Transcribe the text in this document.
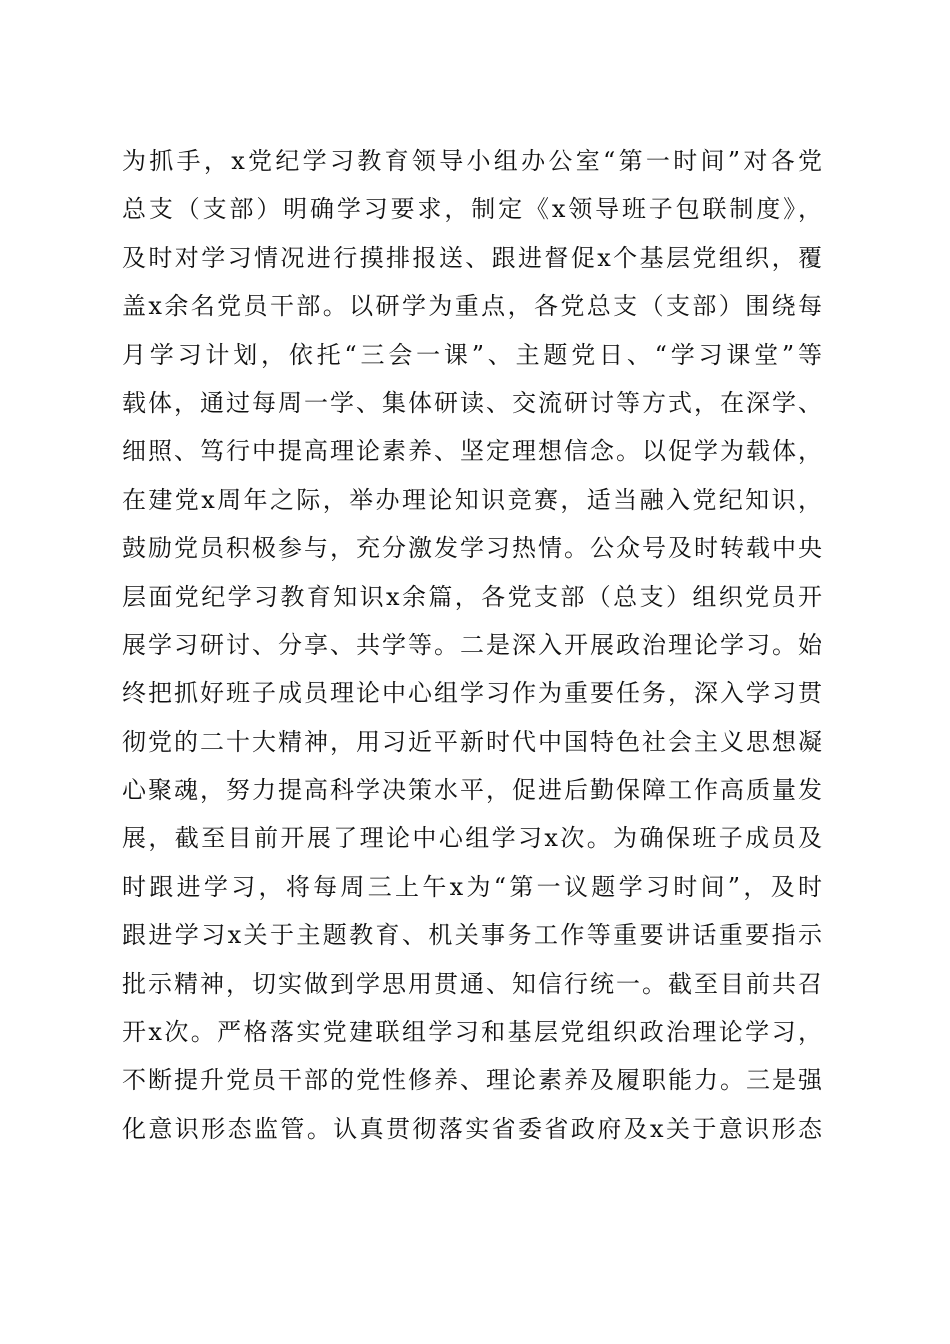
为抓手，x党纪学习教育领导小组办公室“第一时间”对各党
总支（支部）明确学习要求，制定《x领导班子包联制度》，
及时对学习情况进行摸排报送、跟进督促x个基层党组织，覆
盖x余名党员干部。以研学为重点，各党总支（支部）围绕每
月学习计划，依托“三会一课”、主题党日、“学习课堂”等
载体，通过每周一学、集体研读、交流研讨等方式，在深学、
细照、笃行中提高理论素养、坚定理想信念。以促学为载体，
在建党x周年之际，举办理论知识竞赛，适当融入党纪知识，
鼓励党员积极参与，充分激发学习热情。公众号及时转载中央
层面党纪学习教育知识x余篇，各党支部（总支）组织党员开
展学习研讨、分享、共学等。二是深入开展政治理论学习。始
终把抓好班子成员理论中心组学习作为重要任务，深入学习贯
彻党的二十大精神，用习近平新时代中国特色社会主义思想凝
心聚魂，努力提高科学决策水平，促进后勤保障工作高质量发
展，截至目前开展了理论中心组学习x次。为确保班子成员及
时跟进学习，将每周三上午x为“第一议题学习时间”，及时
跟进学习x关于主题教育、机关事务工作等重要讲话重要指示
批示精神，切实做到学思用贯通、知信行统一。截至目前共召
开x次。严格落实党建联组学习和基层党组织政治理论学习，
不断提升党员干部的党性修养、理论素养及履职能力。三是强
化意识形态监管。认真贯彻落实省委省政府及x关于意识形态
